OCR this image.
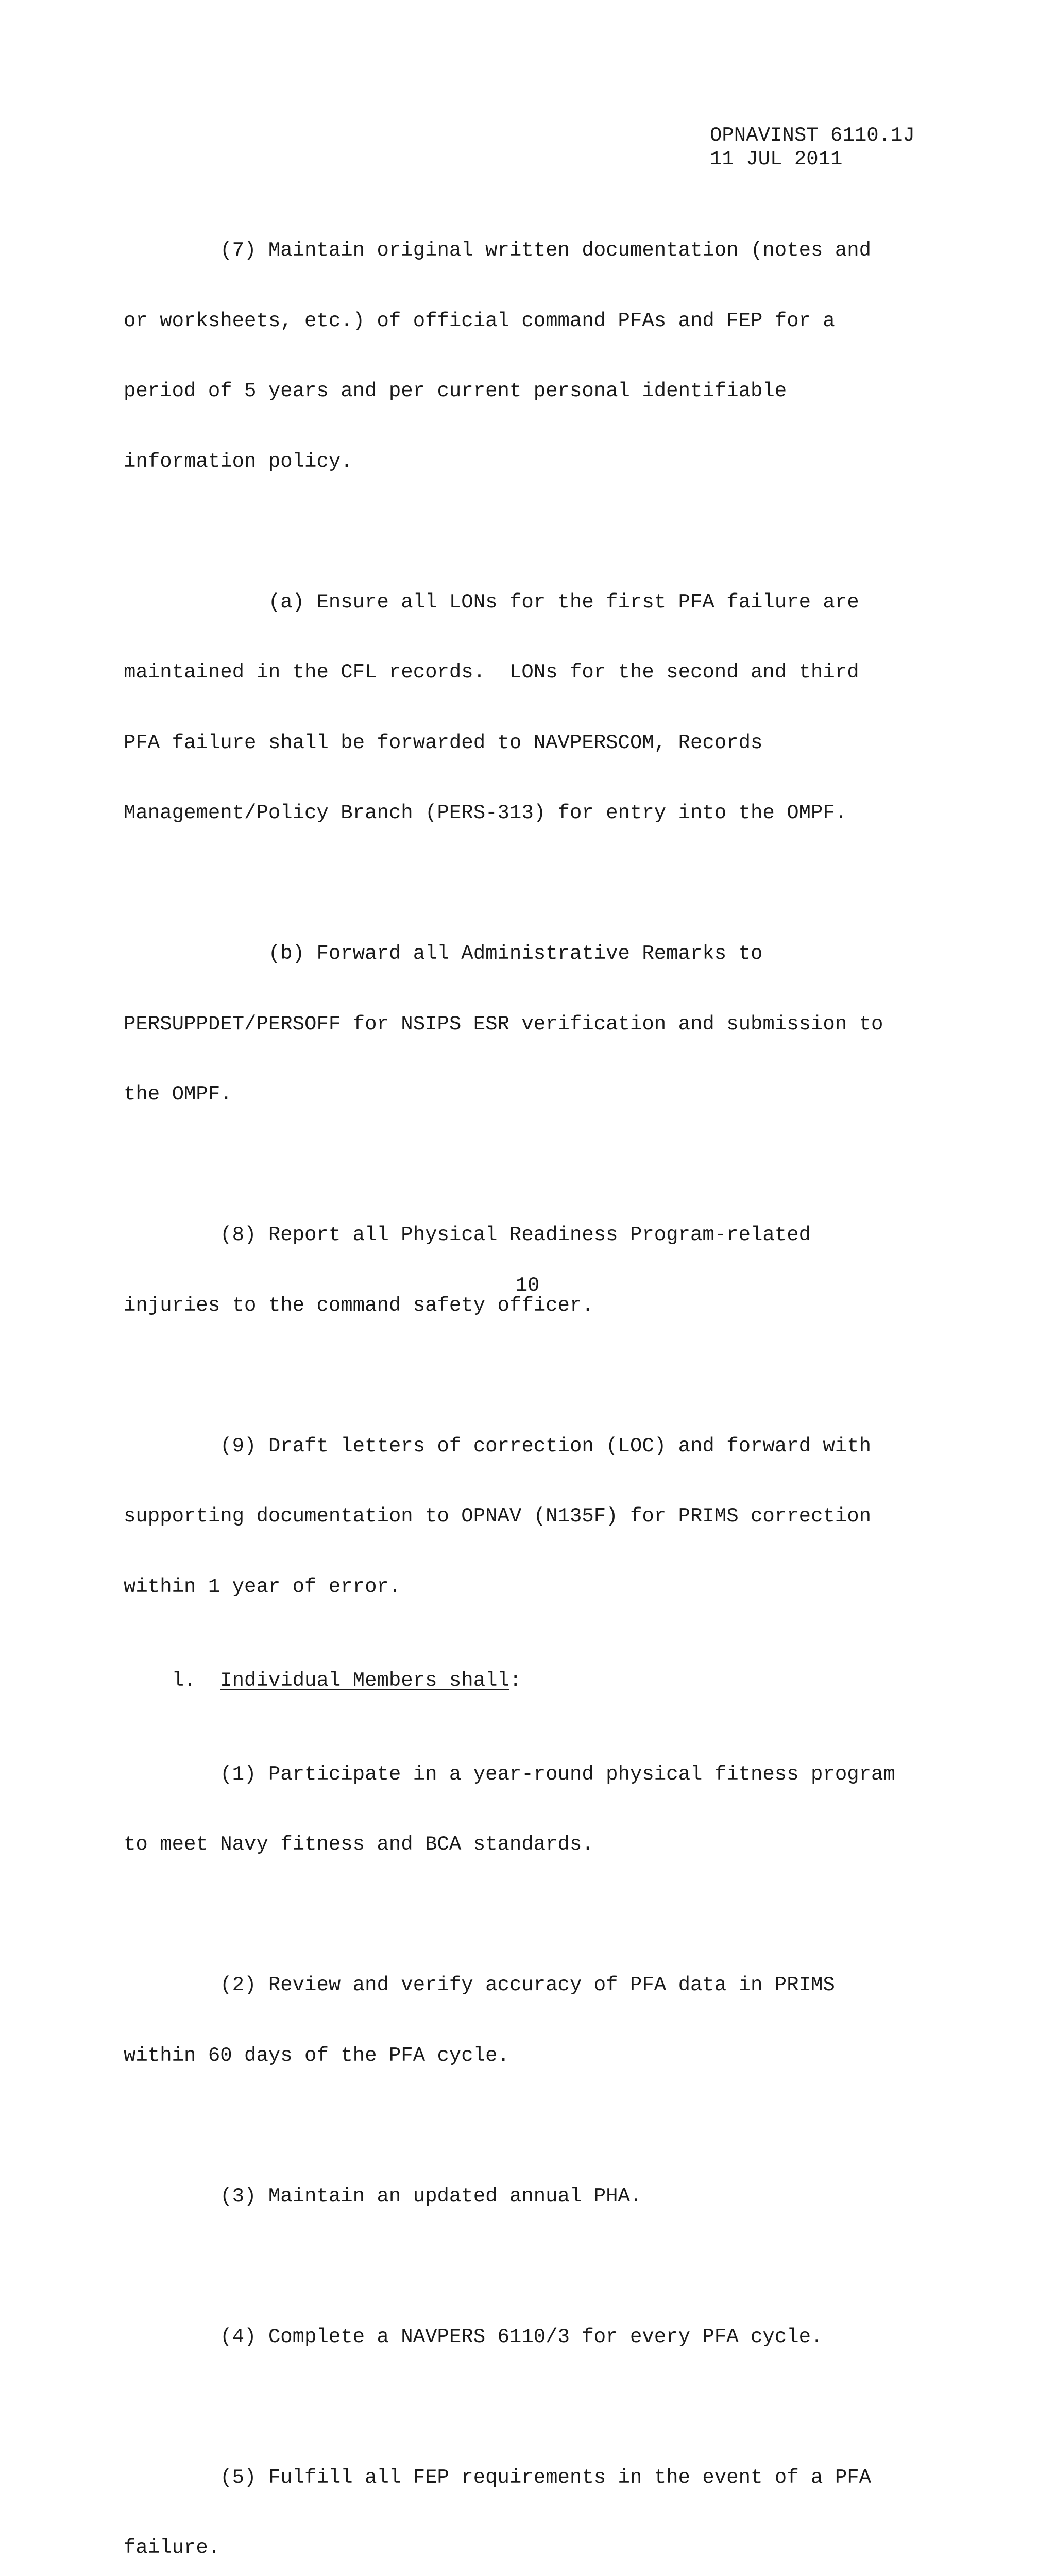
OPNAVINST 6110.1J
11 JUL 2011

(7) Maintain original written documentation (notes and

or worksheets, etc.) of official command PFAs and FEP for a

period of 5 years and per current personal identifiable

information policy.

(a) Ensure all LONs for the first PFA failure are

maintained in the CFL records.  LONs for the second and third

PFA failure shall be forwarded to NAVPERSCOM, Records

Management/Policy Branch (PERS-313) for entry into the OMPF.

(b) Forward all Administrative Remarks to

PERSUPPDET/PERSOFF for NSIPS ESR verification and submission to

the OMPF.

(8) Report all Physical Readiness Program-related

injuries to the command safety officer.

(9) Draft letters of correction (LOC) and forward with

supporting documentation to OPNAV (N135F) for PRIMS correction

within 1 year of error.

l.  Individual Members shall:

(1) Participate in a year-round physical fitness program

to meet Navy fitness and BCA standards.

(2) Review and verify accuracy of PFA data in PRIMS

within 60 days of the PFA cycle.

(3) Maintain an updated annual PHA.

(4) Complete a NAVPERS 6110/3 for every PFA cycle.

(5) Fulfill all FEP requirements in the event of a PFA

failure.

10
